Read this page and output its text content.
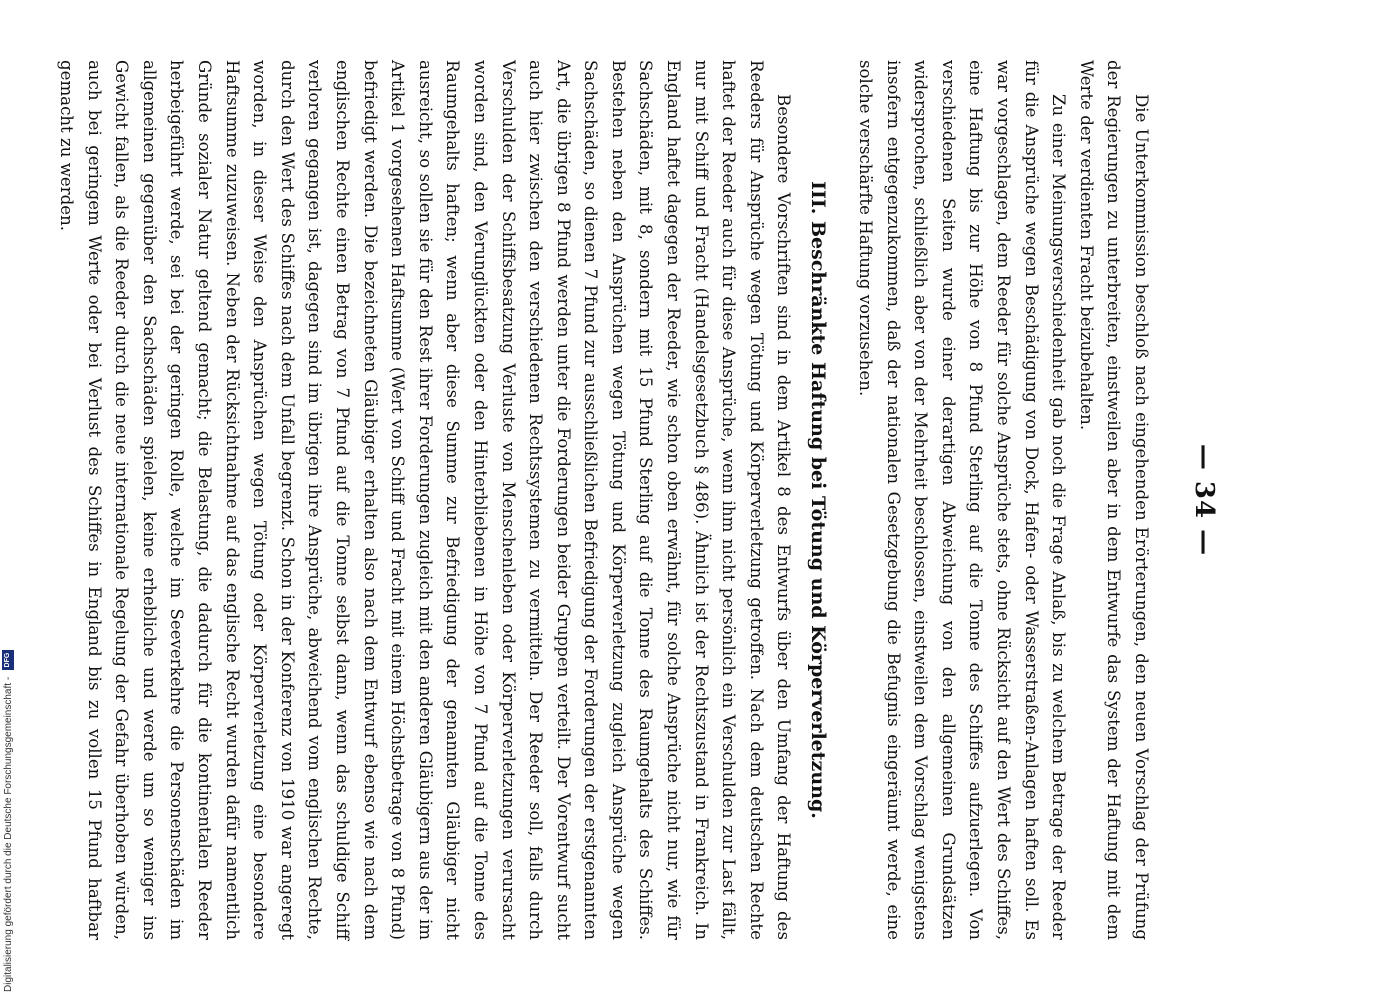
— 34 —

Die Unterkommission beschloß nach eingehenden Erörterungen, den neuen Vorschlag der Prüfung der Regierungen zu unterbreiten, einstweilen aber in dem Entwurfe das System der Haftung mit dem Werte der verdienten Fracht beizubehalten.

Zu einer Meinungsverschiedenheit gab noch die Frage Anlaß, bis zu welchem Betrage der Reeder für die Ansprüche wegen Beschädigung von Dock, Hafen- oder Wasserstraßen-Anlagen haften soll. Es war vorgeschlagen, dem Reeder für solche Ansprüche stets, ohne Rücksicht auf den Wert des Schiffes, eine Haftung bis zur Höhe von 8 Pfund Sterling auf die Tonne des Schiffes aufzuerlegen. Von verschiedenen Seiten wurde einer derartigen Abweichung von den allgemeinen Grundsätzen widersprochen, schließlich aber von der Mehrheit beschlossen, einstweilen dem Vorschlag wenigstens insofern entgegenzukommen, daß der nationalen Gesetzgebung die Befugnis eingeräumt werde, eine solche verschärfte Haftung vorzusehen.

III. Beschränkte Haftung bei Tötung und Körperverletzung.

Besondere Vorschriften sind in dem Artikel 8 des Entwurfs über den Umfang der Haftung des Reeders für Ansprüche wegen Tötung und Körperverletzung getroffen. Nach dem deutschen Rechte haftet der Reeder auch für diese Ansprüche, wenn ihm nicht persönlich ein Verschulden zur Last fällt, nur mit Schiff und Fracht (Handelsgesetzbuch § 486). Ähnlich ist der Rechtszustand in Frankreich. In England haftet dagegen der Reeder, wie schon oben erwähnt, für solche Ansprüche nicht nur, wie für Sachschäden, mit 8, sondern mit 15 Pfund Sterling auf die Tonne des Raumgehalts des Schiffes. Bestehen neben den Ansprüchen wegen Tötung und Körperverletzung zugleich Ansprüche wegen Sachschäden, so dienen 7 Pfund zur ausschließlichen Befriedigung der Forderungen der erstgenannten Art, die übrigen 8 Pfund werden unter die Forderungen beider Gruppen verteilt. Der Vorentwurf sucht auch hier zwischen den verschiedenen Rechtssystemen zu vermitteln. Der Reeder soll, falls durch Verschulden der Schiffsbesatzung Verluste von Menschenleben oder Körperverletzungen verursacht worden sind, den Verunglückten oder den Hinterbliebenen in Höhe von 7 Pfund auf die Tonne des Raumgehalts haften; wenn aber diese Summe zur Befriedigung der genannten Gläubiger nicht ausreicht, so sollen sie für den Rest ihrer Forderungen zugleich mit den anderen Gläubigern aus der im Artikel 1 vorgesehenen Haftsumme (Wert von Schiff und Fracht mit einem Höchstbetrage von 8 Pfund) befriedigt werden. Die bezeichneten Gläubiger erhalten also nach dem Entwurf ebenso wie nach dem englischen Rechte einen Betrag von 7 Pfund auf die Tonne selbst dann, wenn das schuldige Schiff verloren gegangen ist, dagegen sind im übrigen ihre Ansprüche, abweichend vom englischen Rechte, durch den Wert des Schiffes nach dem Unfall begrenzt. Schon in der Konferenz von 1910 war angeregt worden, in dieser Weise den Ansprüchen wegen Tötung oder Körperverletzung eine besondere Haftsumme zuzuweisen. Neben der Rücksichtnahme auf das englische Recht wurden dafür namentlich Gründe sozialer Natur geltend gemacht; die Belastung, die dadurch für die kontinentalen Reeder herbeigeführt werde, sei bei der geringen Rolle, welche im Seeverkehre die Personenschäden im allgemeinen gegenüber den Sachschäden spielen, keine erhebliche und werde um so weniger ins Gewicht fallen, als die Reeder durch die neue internationale Regelung der Gefahr überhoben würden, auch bei geringem Werte oder bei Verlust des Schiffes in England bis zu vollen 15 Pfund haftbar gemacht zu werden.

Digitalisierung gefördert durch die Deutsche Forschungsgemeinschaft - DFG
